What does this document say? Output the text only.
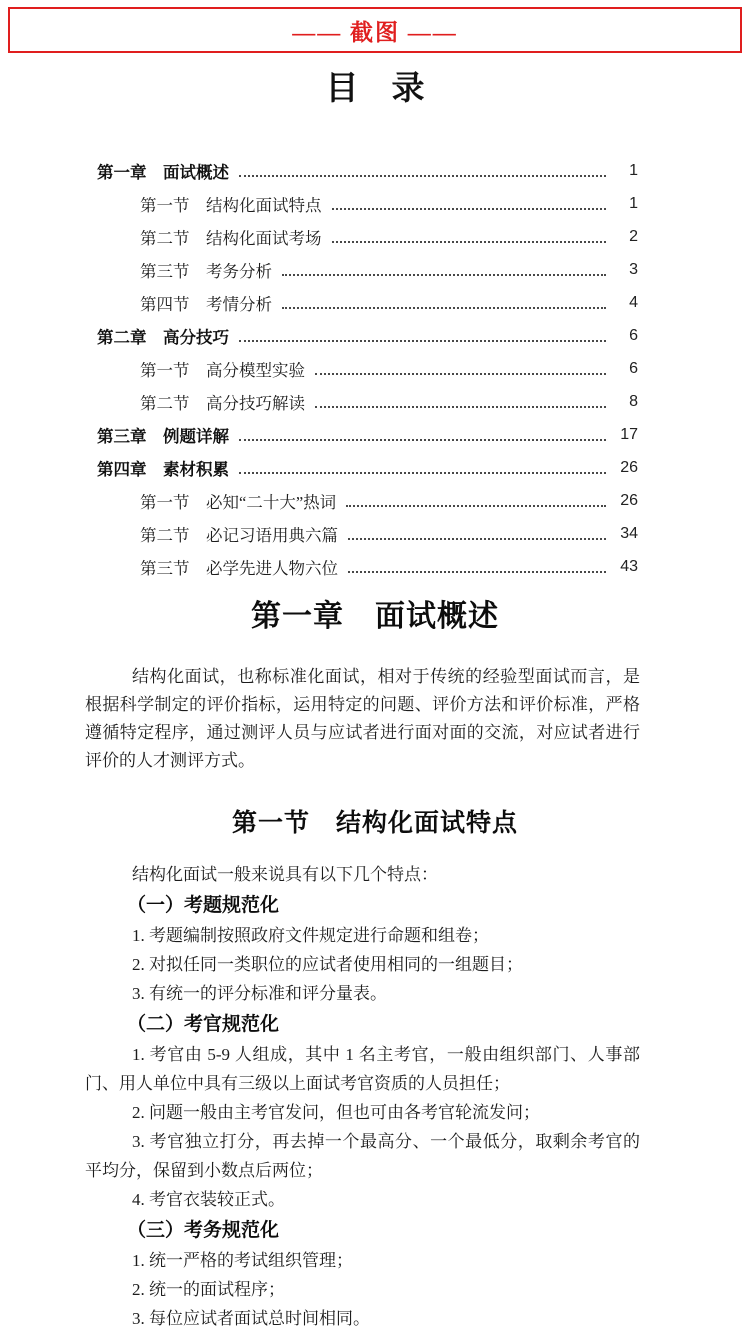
—— 截图 ——
目　录
第一章　面试概述	1
第一节　结构化面试特点	1
第二节　结构化面试考场	2
第三节　考务分析	3
第四节　考情分析	4
第二章　高分技巧	6
第一节　高分模型实验	6
第二节　高分技巧解读	8
第三章　例题详解	17
第四章　素材积累	26
第一节　必知“二十大”热词	26
第二节　必记习语用典六篇	34
第三节　必学先进人物六位	43
第一章　面试概述

结构化面试，也称标准化面试，相对于传统的经验型面试而言，是根据科学制定的评价指标，运用特定的问题、评价方法和评价标准，严格遵循特定程序，通过测评人员与应试者进行面对面的交流，对应试者进行评价的人才测评方式。

第一节　结构化面试特点

结构化面试一般来说具有以下几个特点：

（一）考题规范化

1. 考题编制按照政府文件规定进行命题和组卷；

2. 对拟任同一类职位的应试者使用相同的一组题目；

3. 有统一的评分标准和评分量表。

（二）考官规范化

1. 考官由 5-9 人组成，其中 1 名主考官，一般由组织部门、人事部门、用人单位中具有三级以上面试考官资质的人员担任；

2. 问题一般由主考官发问，但也可由各考官轮流发问；

3. 考官独立打分，再去掉一个最高分、一个最低分，取剩余考官的平均分，保留到小数点后两位；

4. 考官衣装较正式。

（三）考务规范化

1. 统一严格的考试组织管理；

2. 统一的面试程序；

3. 每位应试者面试总时间相同。
